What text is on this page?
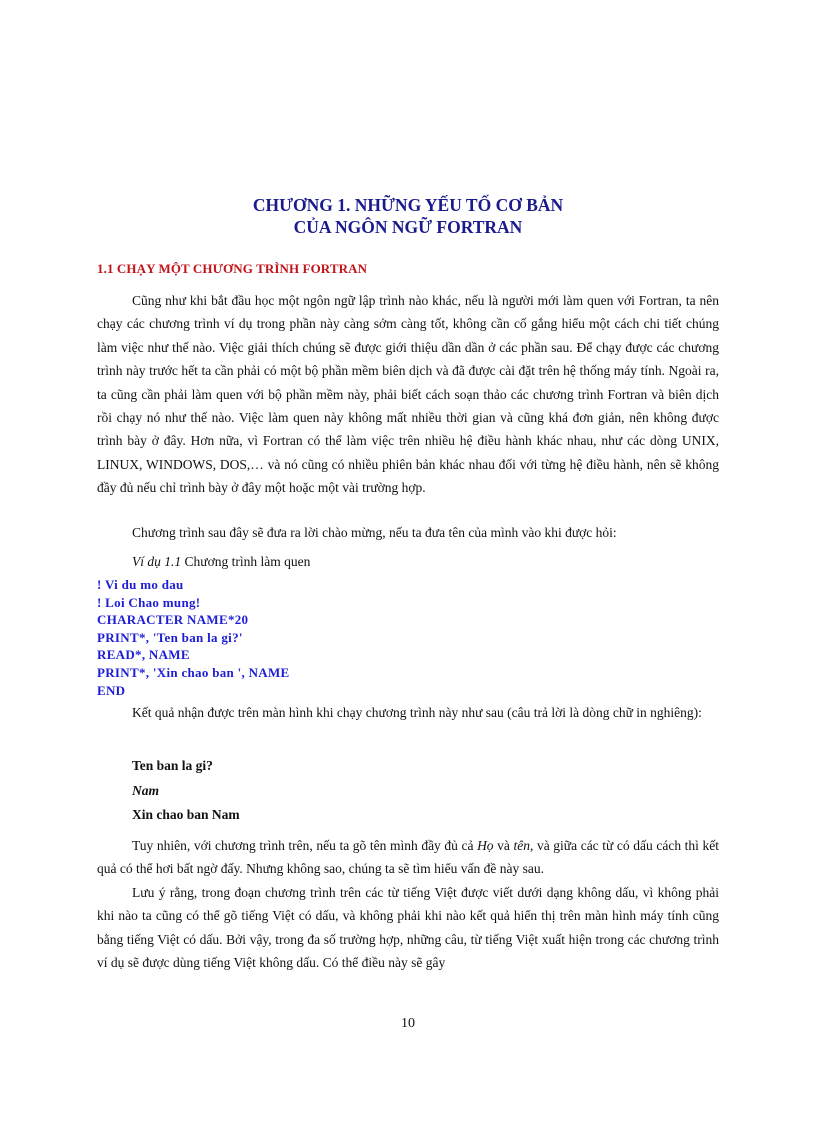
CHƯƠNG 1. NHỮNG YẾU TỐ CƠ BẢN
CỦA NGÔN NGỮ FORTRAN
1.1 CHẠY MỘT CHƯƠNG TRÌNH FORTRAN

Cũng như khi bắt đầu học một ngôn ngữ lập trình nào khác, nếu là người mới làm quen với Fortran, ta nên chạy các chương trình ví dụ trong phần này càng sớm càng tốt, không cần cố gắng hiểu một cách chi tiết chúng làm việc như thế nào. Việc giải thích chúng sẽ được giới thiệu dần dần ở các phần sau. Để chạy được các chương trình này trước hết ta cần phải có một bộ phần mềm biên dịch và đã được cài đặt trên hệ thống máy tính. Ngoài ra, ta cũng cần phải làm quen với bộ phần mềm này, phải biết cách soạn thảo các chương trình Fortran và biên dịch rồi chạy nó như thế nào. Việc làm quen này không mất nhiều thời gian và cũng khá đơn giản, nên không được trình bày ở đây. Hơn nữa, vì Fortran có thể làm việc trên nhiều hệ điều hành khác nhau, như các dòng UNIX, LINUX, WINDOWS, DOS,… và nó cũng có nhiều phiên bản khác nhau đối với từng hệ điều hành, nên sẽ không đầy đủ nếu chỉ trình bày ở đây một hoặc một vài trường hợp.

Chương trình sau đây sẽ đưa ra lời chào mừng, nếu ta đưa tên của mình vào khi được hỏi:

Ví dụ 1.1 Chương trình làm quen
! Vi du mo dau
! Loi Chao mung!
CHARACTER NAME*20
PRINT*, 'Ten ban la gi?'
READ*, NAME
PRINT*, 'Xin chao ban ', NAME
END

Kết quả nhận được trên màn hình khi chạy chương trình này như sau (câu trả lời là dòng chữ in nghiêng):

Ten ban la gi?
Nam
Xin chao ban Nam

Tuy nhiên, với chương trình trên, nếu ta gõ tên mình đầy đủ cả Họ và tên, và giữa các từ có dấu cách thì kết quả có thể hơi bất ngờ đấy. Nhưng không sao, chúng ta sẽ tìm hiểu vấn đề này sau.

Lưu ý rằng, trong đoạn chương trình trên các từ tiếng Việt được viết dưới dạng không dấu, vì không phải khi nào ta cũng có thể gõ tiếng Việt có dấu, và không phải khi nào kết quả hiển thị trên màn hình máy tính cũng bằng tiếng Việt có dấu. Bởi vậy, trong đa số trường hợp, những câu, từ tiếng Việt xuất hiện trong các chương trình ví dụ sẽ được dùng tiếng Việt không dấu. Có thể điều này sẽ gây

10
